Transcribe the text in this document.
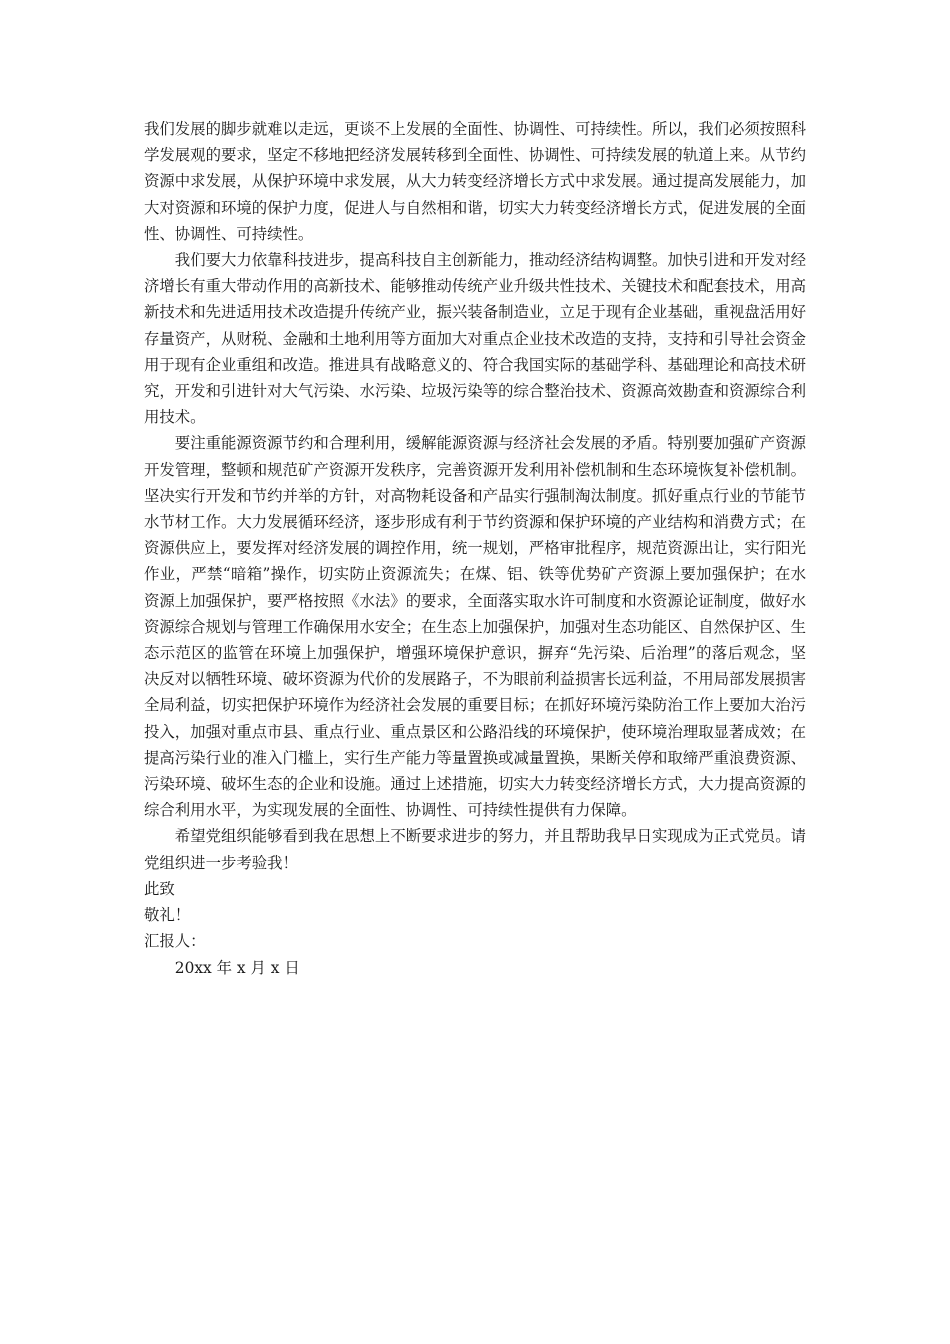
我们发展的脚步就难以走远，更谈不上发展的全面性、协调性、可持续性。所以，我们必须按照科学发展观的要求，坚定不移地把经济发展转移到全面性、协调性、可持续发展的轨道上来。从节约资源中求发展，从保护环境中求发展，从大力转变经济增长方式中求发展。通过提高发展能力，加大对资源和环境的保护力度，促进人与自然相和谐，切实大力转变经济增长方式，促进发展的全面性、协调性、可持续性。

我们要大力依靠科技进步，提高科技自主创新能力，推动经济结构调整。加快引进和开发对经济增长有重大带动作用的高新技术、能够推动传统产业升级共性技术、关键技术和配套技术，用高新技术和先进适用技术改造提升传统产业，振兴装备制造业，立足于现有企业基础，重视盘活用好存量资产，从财税、金融和土地利用等方面加大对重点企业技术改造的支持，支持和引导社会资金用于现有企业重组和改造。推进具有战略意义的、符合我国实际的基础学科、基础理论和高技术研究，开发和引进针对大气污染、水污染、垃圾污染等的综合整治技术、资源高效勘查和资源综合利用技术。

要注重能源资源节约和合理利用，缓解能源资源与经济社会发展的矛盾。特别要加强矿产资源开发管理，整顿和规范矿产资源开发秩序，完善资源开发利用补偿机制和生态环境恢复补偿机制。坚决实行开发和节约并举的方针，对高物耗设备和产品实行强制淘汰制度。抓好重点行业的节能节水节材工作。大力发展循环经济，逐步形成有利于节约资源和保护环境的产业结构和消费方式；在资源供应上，要发挥对经济发展的调控作用，统一规划，严格审批程序，规范资源出让，实行阳光作业，严禁“暗箱”操作，切实防止资源流失；在煤、铝、铁等优势矿产资源上要加强保护；在水资源上加强保护，要严格按照《水法》的要求，全面落实取水许可制度和水资源论证制度，做好水资源综合规划与管理工作确保用水安全；在生态上加强保护，加强对生态功能区、自然保护区、生态示范区的监管在环境上加强保护，增强环境保护意识，摒弃“先污染、后治理”的落后观念，坚决反对以牺牲环境、破坏资源为代价的发展路子，不为眼前利益损害长远利益，不用局部发展损害全局利益，切实把保护环境作为经济社会发展的重要目标；在抓好环境污染防治工作上要加大治污投入，加强对重点市县、重点行业、重点景区和公路沿线的环境保护，使环境治理取显著成效；在提高污染行业的准入门槛上，实行生产能力等量置换或减量置换，果断关停和取缔严重浪费资源、污染环境、破坏生态的企业和设施。通过上述措施，切实大力转变经济增长方式，大力提高资源的综合利用水平，为实现发展的全面性、协调性、可持续性提供有力保障。

希望党组织能够看到我在思想上不断要求进步的努力，并且帮助我早日实现成为正式党员。请党组织进一步考验我！

此致

敬礼！

汇报人：

20xx 年 x 月 x 日
